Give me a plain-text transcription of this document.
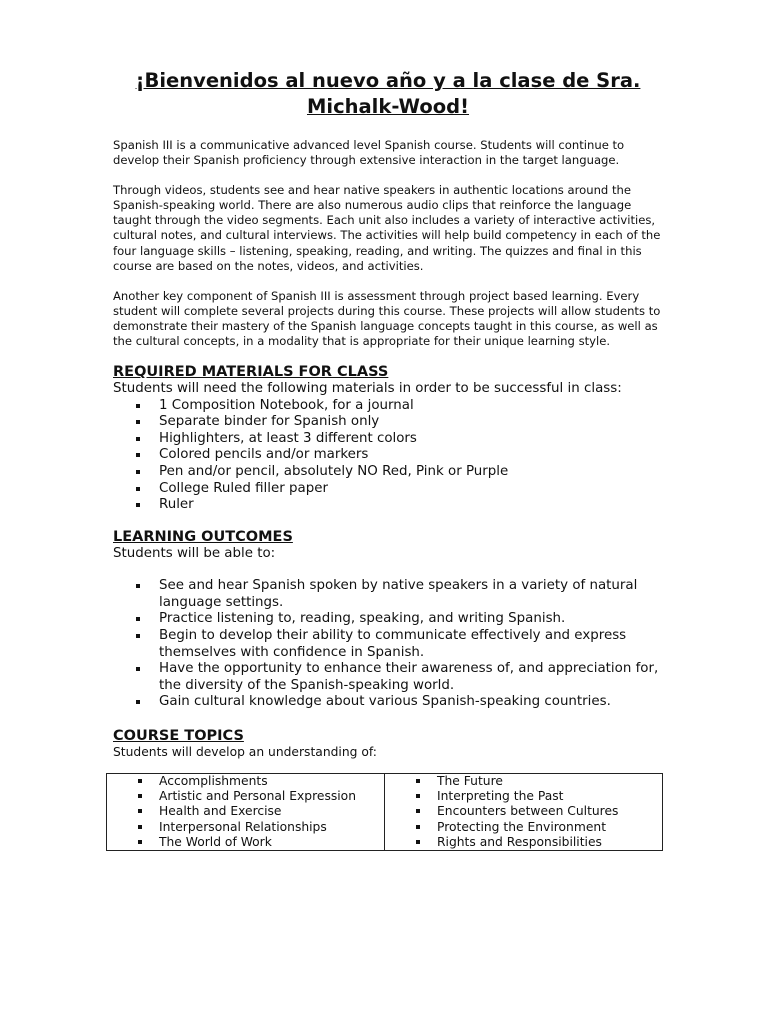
¡Bienvenidos al nuevo año y a la clase de Sra.
Michalk-Wood!

Spanish III is a communicative advanced level Spanish course. Students will continue to develop their Spanish proficiency through extensive interaction in the target language.

Through videos, students see and hear native speakers in authentic locations around the Spanish-speaking world. There are also numerous audio clips that reinforce the language taught through the video segments. Each unit also includes a variety of interactive activities, cultural notes, and cultural interviews. The activities will help build competency in each of the four language skills – listening, speaking, reading, and writing. The quizzes and final in this course are based on the notes, videos, and activities.

Another key component of Spanish III is assessment through project based learning. Every student will complete several projects during this course. These projects will allow students to demonstrate their mastery of the Spanish language concepts taught in this course, as well as the cultural concepts, in a modality that is appropriate for their unique learning style.

REQUIRED MATERIALS FOR CLASS

Students will need the following materials in order to be successful in class:

1 Composition Notebook, for a journal
Separate binder for Spanish only
Highlighters, at least 3 different colors
Colored pencils and/or markers
Pen and/or pencil, absolutely NO Red, Pink or Purple
College Ruled filler paper
Ruler
LEARNING OUTCOMES

Students will be able to:

See and hear Spanish spoken by native speakers in a variety of natural language settings.
Practice listening to, reading, speaking, and writing Spanish.
Begin to develop their ability to communicate effectively and express themselves with confidence in Spanish.
Have the opportunity to enhance their awareness of, and appreciation for, the diversity of the Spanish-speaking world.
Gain cultural knowledge about various Spanish-speaking countries.
COURSE TOPICS

Students will develop an understanding of:

Accomplishments
Artistic and Personal Expression
Health and Exercise
Interpersonal Relationships
The World of Work

The Future
Interpreting the Past
Encounters between Cultures
Protecting the Environment
Rights and Responsibilities
